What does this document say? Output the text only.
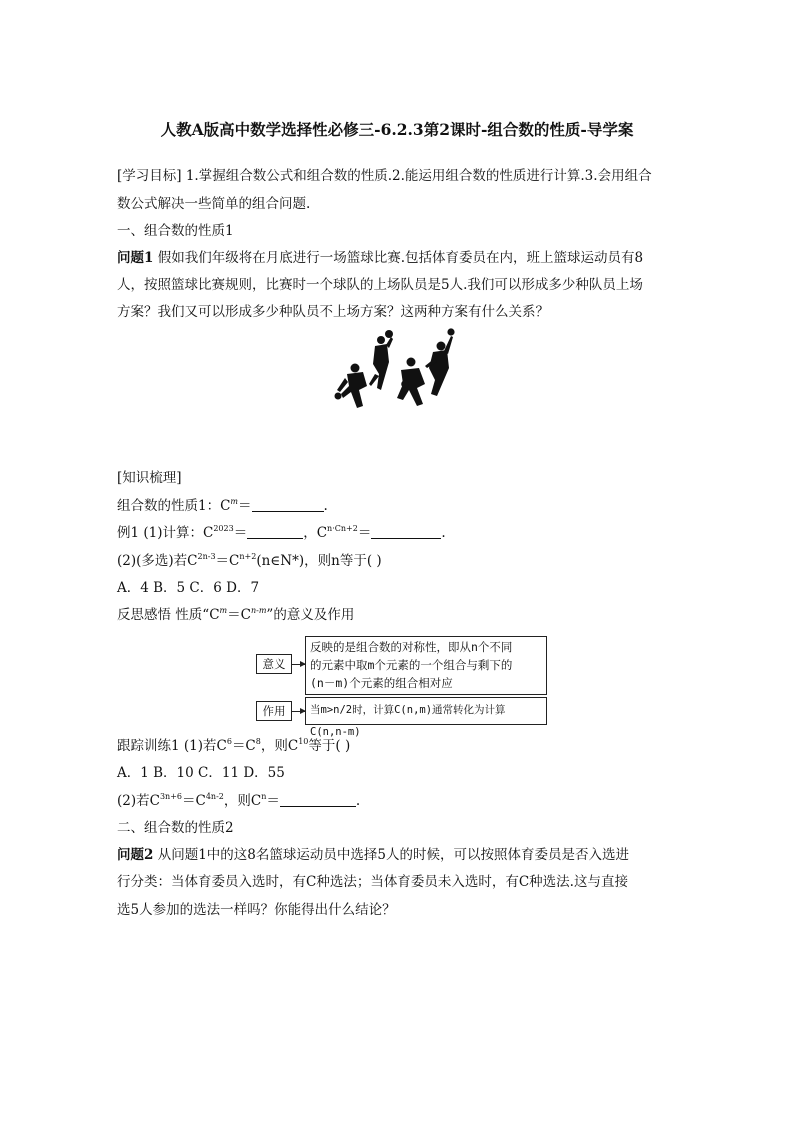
人教A版高中数学选择性必修三-6.2.3第2课时-组合数的性质-导学案
[学习目标] 1.掌握组合数公式和组合数的性质.2.能运用组合数的性质进行计算.3.会用组合
数公式解决一些简单的组合问题.
一、组合数的性质1
问题1 假如我们年级将在月底进行一场篮球比赛.包括体育委员在内，班上篮球运动员有8
人，按照篮球比赛规则，比赛时一个球队的上场队员是5人.我们可以形成多少种队员上场
方案？我们又可以形成多少种队员不上场方案？这两种方案有什么关系？
[知识梳理]
组合数的性质1：$C^m=$	.
例1 (1)计算：$C^{2023}=$	，$C^{n\cdot Cn+2}=$	.
(2)(多选)若$C^{2n-3}=C^{n+2}(n\in N*)$，则n等于( )
A．4 B．5 C．6 D．7
反思感悟 性质“$C^m=C^{n-m}$”的意义及作用
意义
反映的是组合数的对称性，即从n个不同
的元素中取m个元素的一个组合与剩下的
(n－m)个元素的组合相对应
作用	当m>n/2时，计算C(n,m)通常转化为计算C(n,n-m)
跟踪训练1 (1)若$C^6=C^8$，则$C^{10}$等于( )
A．1 B．10 C．11 D．55
(2)若$C^{3n+6}=C^{4n-2}$，则$C^n=$	.
二、组合数的性质2
问题2 从问题1中的这8名篮球运动员中选择5人的时候，可以按照体育委员是否入选进
行分类：当体育委员入选时，有C种选法；当体育委员未入选时，有C种选法.这与直接
选5人参加的选法一样吗？你能得出什么结论？
